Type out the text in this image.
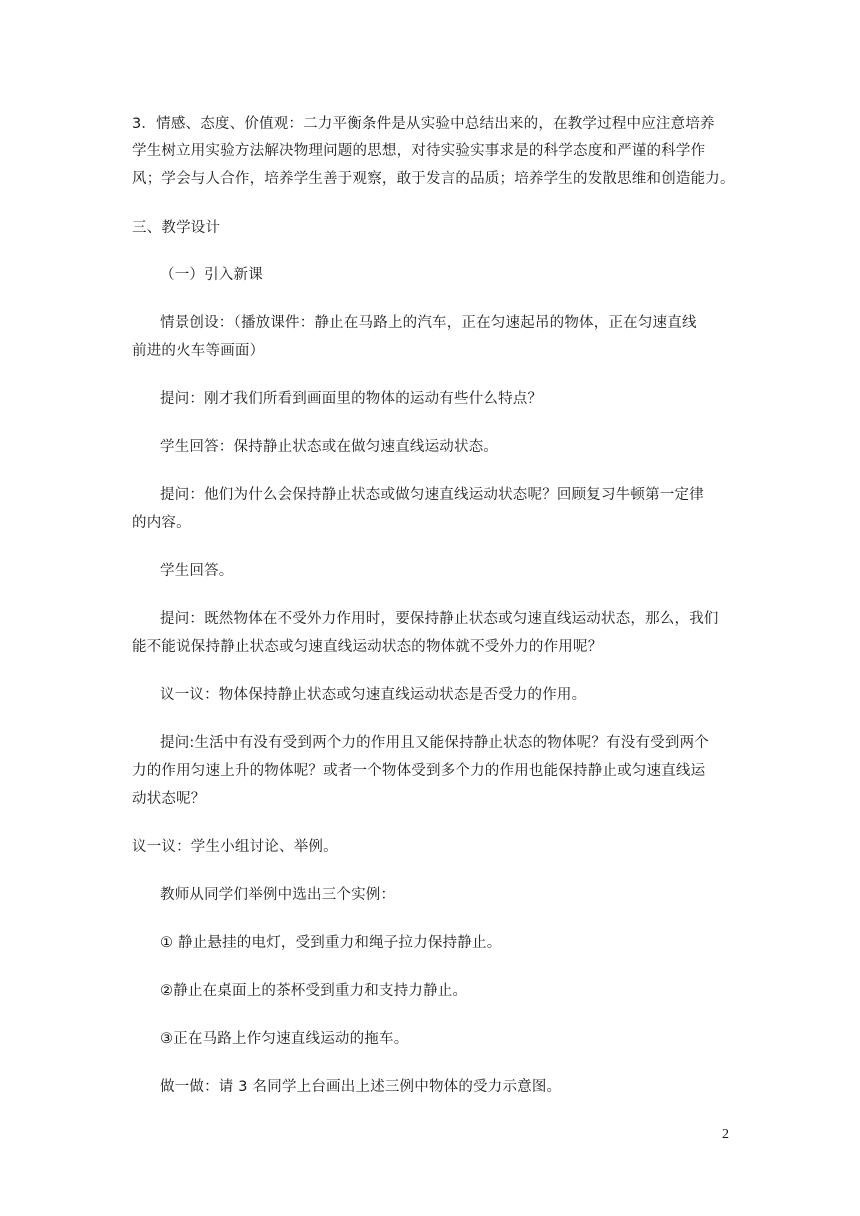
3．情感、态度、价值观：二力平衡条件是从实验中总结出来的，在教学过程中应注意培养
学生树立用实验方法解决物理问题的思想，对待实验实事求是的科学态度和严谨的科学作
风；学会与人合作，培养学生善于观察，敢于发言的品质；培养学生的发散思维和创造能力。
三、教学设计
（一）引入新课
情景创设：（播放课件：静止在马路上的汽车，正在匀速起吊的物体，正在匀速直线
前进的火车等画面）
提问：刚才我们所看到画面里的物体的运动有些什么特点？
学生回答：保持静止状态或在做匀速直线运动状态。
提问：他们为什么会保持静止状态或做匀速直线运动状态呢？回顾复习牛顿第一定律
的内容。
学生回答。
提问：既然物体在不受外力作用时，要保持静止状态或匀速直线运动状态，那么，我们
能不能说保持静止状态或匀速直线运动状态的物体就不受外力的作用呢？
议一议：物体保持静止状态或匀速直线运动状态是否受力的作用。
提问:生活中有没有受到两个力的作用且又能保持静止状态的物体呢？有没有受到两个
力的作用匀速上升的物体呢？或者一个物体受到多个力的作用也能保持静止或匀速直线运
动状态呢？
议一议：学生小组讨论、举例。
教师从同学们举例中选出三个实例：
① 静止悬挂的电灯，受到重力和绳子拉力保持静止。
②静止在桌面上的茶杯受到重力和支持力静止。
③正在马路上作匀速直线运动的拖车。
做一做：请 3 名同学上台画出上述三例中物体的受力示意图。
2
